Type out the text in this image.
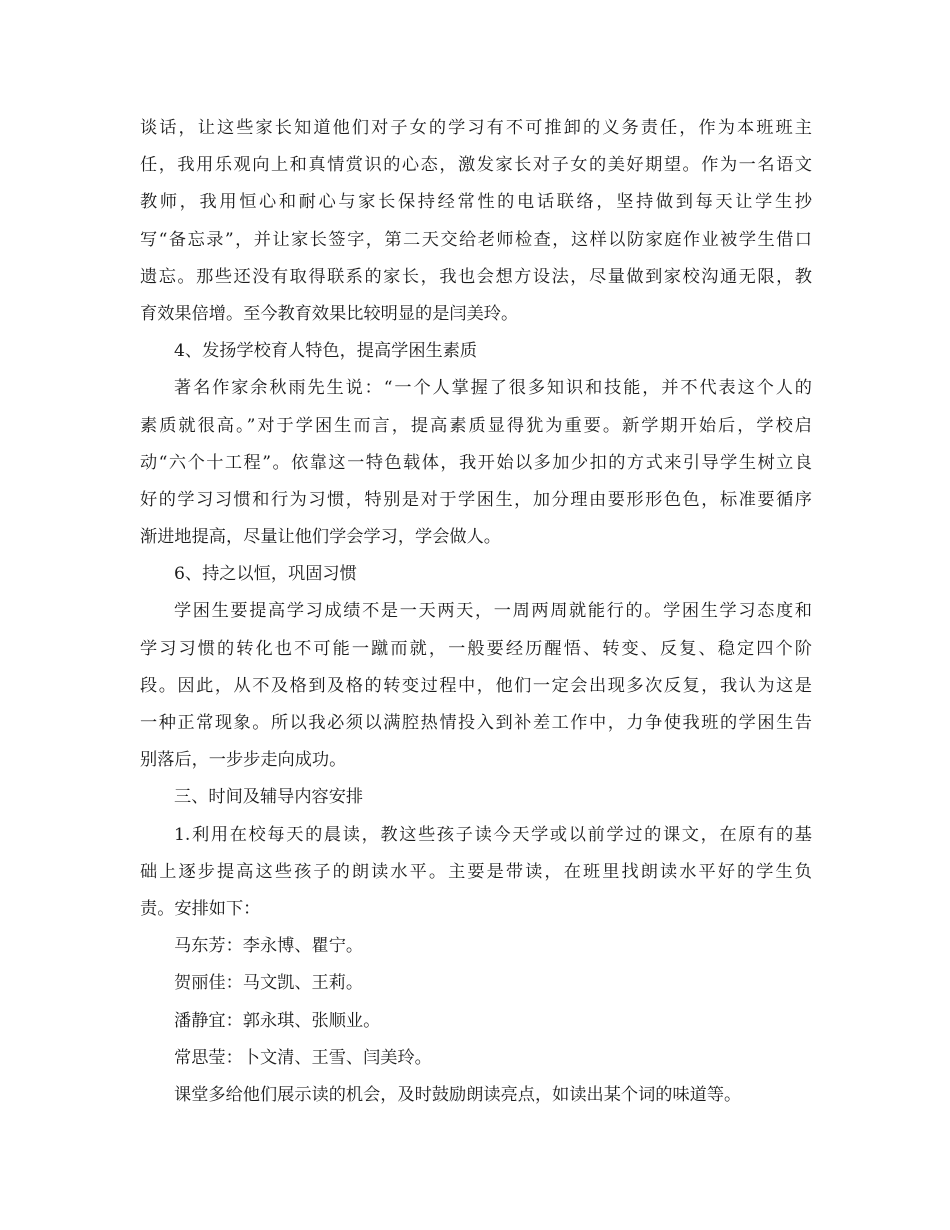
谈话，让这些家长知道他们对子女的学习有不可推卸的义务责任，作为本班班主
任，我用乐观向上和真情赏识的心态，激发家长对子女的美好期望。作为一名语文
教师，我用恒心和耐心与家长保持经常性的电话联络，坚持做到每天让学生抄
写“备忘录”，并让家长签字，第二天交给老师检查，这样以防家庭作业被学生借口
遗忘。那些还没有取得联系的家长，我也会想方设法，尽量做到家校沟通无限，教
育效果倍增。至今教育效果比较明显的是闫美玲。

4、发扬学校育人特色，提高学困生素质

著名作家余秋雨先生说：“一个人掌握了很多知识和技能，并不代表这个人的
素质就很高。”对于学困生而言，提高素质显得犹为重要。新学期开始后，学校启
动“六个十工程”。依靠这一特色载体，我开始以多加少扣的方式来引导学生树立良
好的学习习惯和行为习惯，特别是对于学困生，加分理由要形形色色，标准要循序
渐进地提高，尽量让他们学会学习，学会做人。

6、持之以恒，巩固习惯

学困生要提高学习成绩不是一天两天，一周两周就能行的。学困生学习态度和
学习习惯的转化也不可能一蹴而就，一般要经历醒悟、转变、反复、稳定四个阶
段。因此，从不及格到及格的转变过程中，他们一定会出现多次反复，我认为这是
一种正常现象。所以我必须以满腔热情投入到补差工作中，力争使我班的学困生告
别落后，一步步走向成功。

三、时间及辅导内容安排

1.利用在校每天的晨读，教这些孩子读今天学或以前学过的课文，在原有的基
础上逐步提高这些孩子的朗读水平。主要是带读，在班里找朗读水平好的学生负
责。安排如下：

马东芳：李永博、瞿宁。

贺丽佳：马文凯、王莉。

潘静宜：郭永琪、张顺业。

常思莹：卜文清、王雪、闫美玲。

课堂多给他们展示读的机会，及时鼓励朗读亮点，如读出某个词的味道等。
